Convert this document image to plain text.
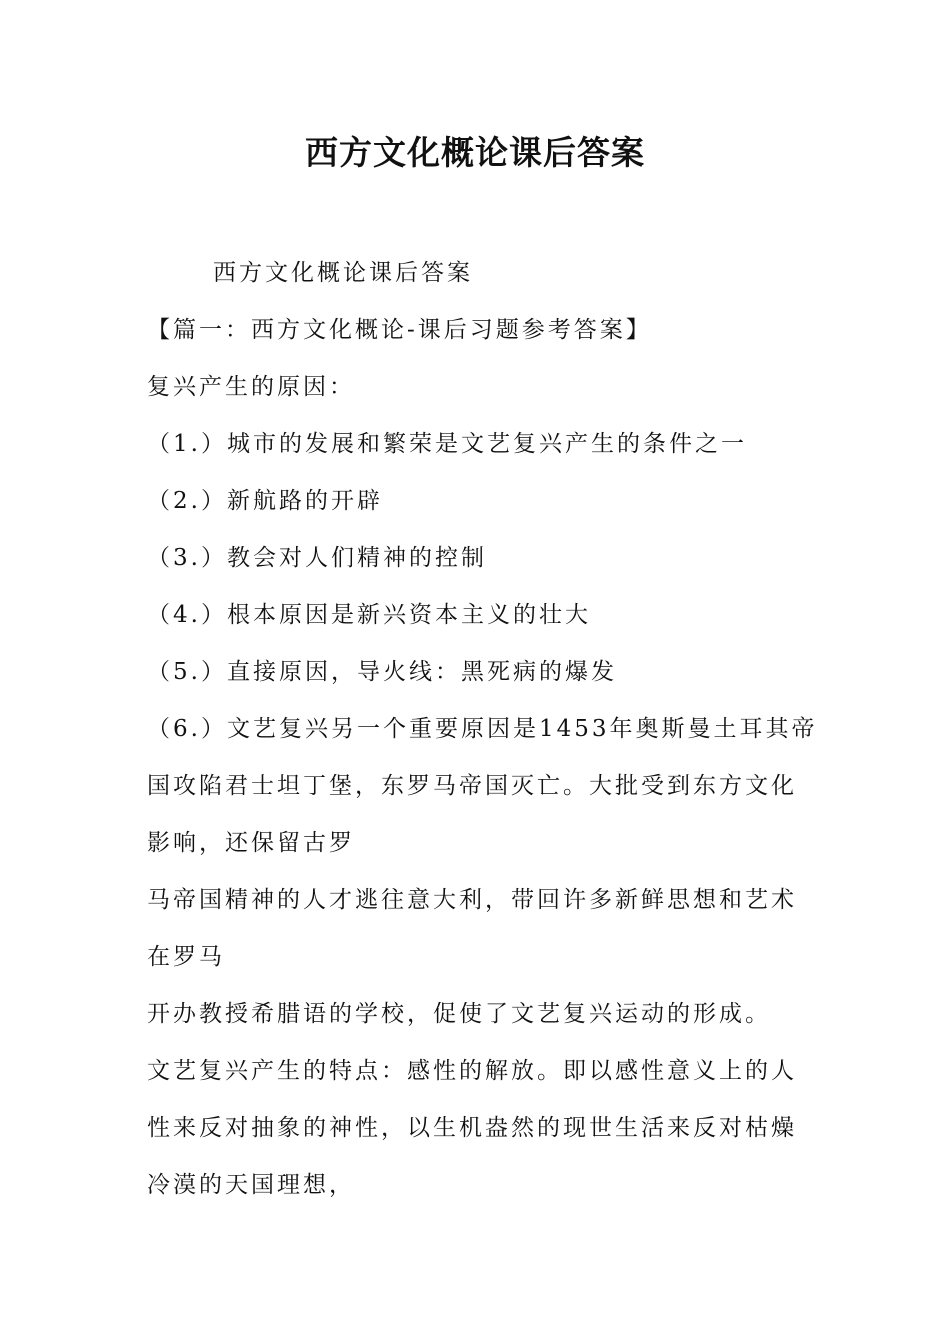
西方文化概论课后答案

西方文化概论课后答案

【篇一：西方文化概论-课后习题参考答案】

复兴产生的原因：

（1.）城市的发展和繁荣是文艺复兴产生的条件之一

（2.）新航路的开辟

（3.）教会对人们精神的控制

（4.）根本原因是新兴资本主义的壮大

（5.）直接原因，导火线：黑死病的爆发

（6.）文艺复兴另一个重要原因是1453年奥斯曼土耳其帝

国攻陷君士坦丁堡，东罗马帝国灭亡。大批受到东方文化

影响，还保留古罗

马帝国精神的人才逃往意大利，带回许多新鲜思想和艺术

在罗马

开办教授希腊语的学校，促使了文艺复兴运动的形成。

文艺复兴产生的特点：感性的解放。即以感性意义上的人

性来反对抽象的神性，以生机盎然的现世生活来反对枯燥

冷漠的天国理想，
